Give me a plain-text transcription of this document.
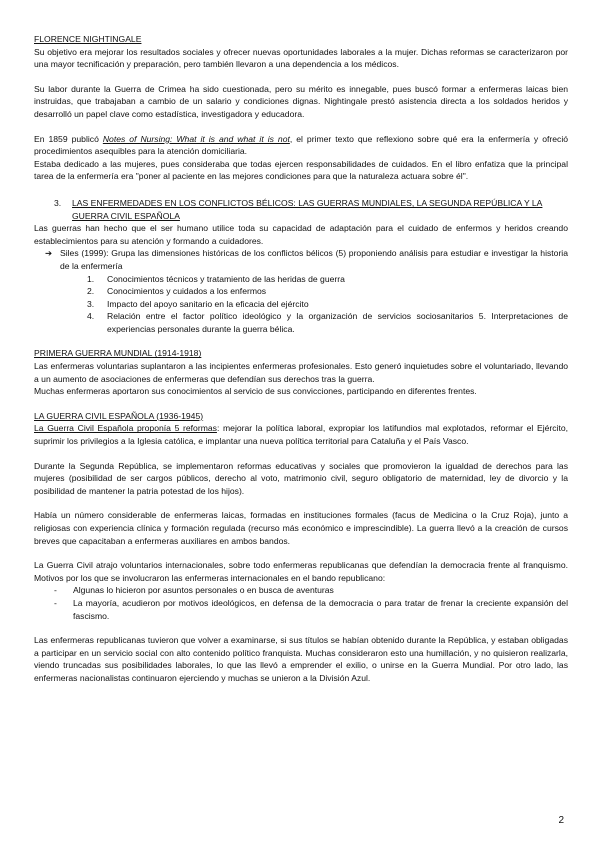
FLORENCE NIGHTINGALE

Su objetivo era mejorar los resultados sociales y ofrecer nuevas oportunidades laborales a la mujer. Dichas reformas se caracterizaron por una mayor tecnificación y preparación, pero también llevaron a una dependencia a los médicos.

Su labor durante la Guerra de Crimea ha sido cuestionada, pero su mérito es innegable, pues buscó formar a enfermeras laicas bien instruidas, que trabajaban a cambio de un salario y condiciones dignas. Nightingale prestó asistencia directa a los soldados heridos y desarrolló un papel clave como estadística, investigadora y educadora.

En 1859 publicó Notes of Nursing: What it is and what it is not, el primer texto que reflexiono sobre qué era la enfermería y ofreció procedimientos asequibles para la atención domiciliaria.

Estaba dedicado a las mujeres, pues consideraba que todas ejercen responsabilidades de cuidados. En el libro enfatiza que la principal tarea de la enfermería era "poner al paciente en las mejores condiciones para que la naturaleza actuara sobre él".

3.	LAS ENFERMEDADES EN LOS CONFLICTOS BÉLICOS: LAS GUERRAS MUNDIALES, LA SEGUNDA REPÚBLICA Y LA GUERRA CIVIL ESPAÑOLA

Las guerras han hecho que el ser humano utilice toda su capacidad de adaptación para el cuidado de enfermos y heridos creando establecimientos para su atención y formando a cuidadores.

➔ Siles (1999): Grupa las dimensiones históricas de los conflictos bélicos (5) proponiendo análisis para estudiar e investigar la historia de la enfermería

1.	Conocimientos técnicos y tratamiento de las heridas de guerra
2.	Conocimientos y cuidados a los enfermos
3.	Impacto del apoyo sanitario en la eficacia del ejército
4.	Relación entre el factor político ideológico y la organización de servicios sociosanitarios 5. Interpretaciones de experiencias personales durante la guerra bélica.
PRIMERA GUERRA MUNDIAL (1914-1918)

Las enfermeras voluntarias suplantaron a las incipientes enfermeras profesionales. Esto generó inquietudes sobre el voluntariado, llevando a un aumento de asociaciones de enfermeras que defendían sus derechos tras la guerra.

Muchas enfermeras aportaron sus conocimientos al servicio de sus convicciones, participando en diferentes frentes.

LA GUERRA CIVIL ESPAÑOLA (1936-1945)

La Guerra Civil Española proponía 5 reformas: mejorar la política laboral, expropiar los latifundios mal explotados, reformar el Ejército, suprimir los privilegios a la Iglesia católica, e implantar una nueva política territorial para Cataluña y el País Vasco.

Durante la Segunda República, se implementaron reformas educativas y sociales que promovieron la igualdad de derechos para las mujeres (posibilidad de ser cargos públicos, derecho al voto, matrimonio civil, seguro obligatorio de maternidad, ley de divorcio y la posibilidad de mantener la patria potestad de los hijos).

Había un número considerable de enfermeras laicas, formadas en instituciones formales (facus de Medicina o la Cruz Roja), junto a religiosas con experiencia clínica y formación regulada (recurso más económico e imprescindible). La guerra llevó a la creación de cursos breves que capacitaban a enfermeras auxiliares en ambos bandos.

La Guerra Civil atrajo voluntarios internacionales, sobre todo enfermeras republicanas que defendían la democracia frente al franquismo. Motivos por los que se involucraron las enfermeras internacionales en el bando republicano:

-	Algunas lo hicieron por asuntos personales o en busca de aventuras
-	La mayoría, acudieron por motivos ideológicos, en defensa de la democracia o para tratar de frenar la creciente expansión del fascismo.

Las enfermeras republicanas tuvieron que volver a examinarse, si sus títulos se habían obtenido durante la República, y estaban obligadas a participar en un servicio social con alto contenido político franquista. Muchas consideraron esto una humillación, y no quisieron realizarla, viendo truncadas sus posibilidades laborales, lo que las llevó a emprender el exilio, o unirse en la Guerra Mundial. Por otro lado, las enfermeras nacionalistas continuaron ejerciendo y muchas se unieron a la División Azul.

2
